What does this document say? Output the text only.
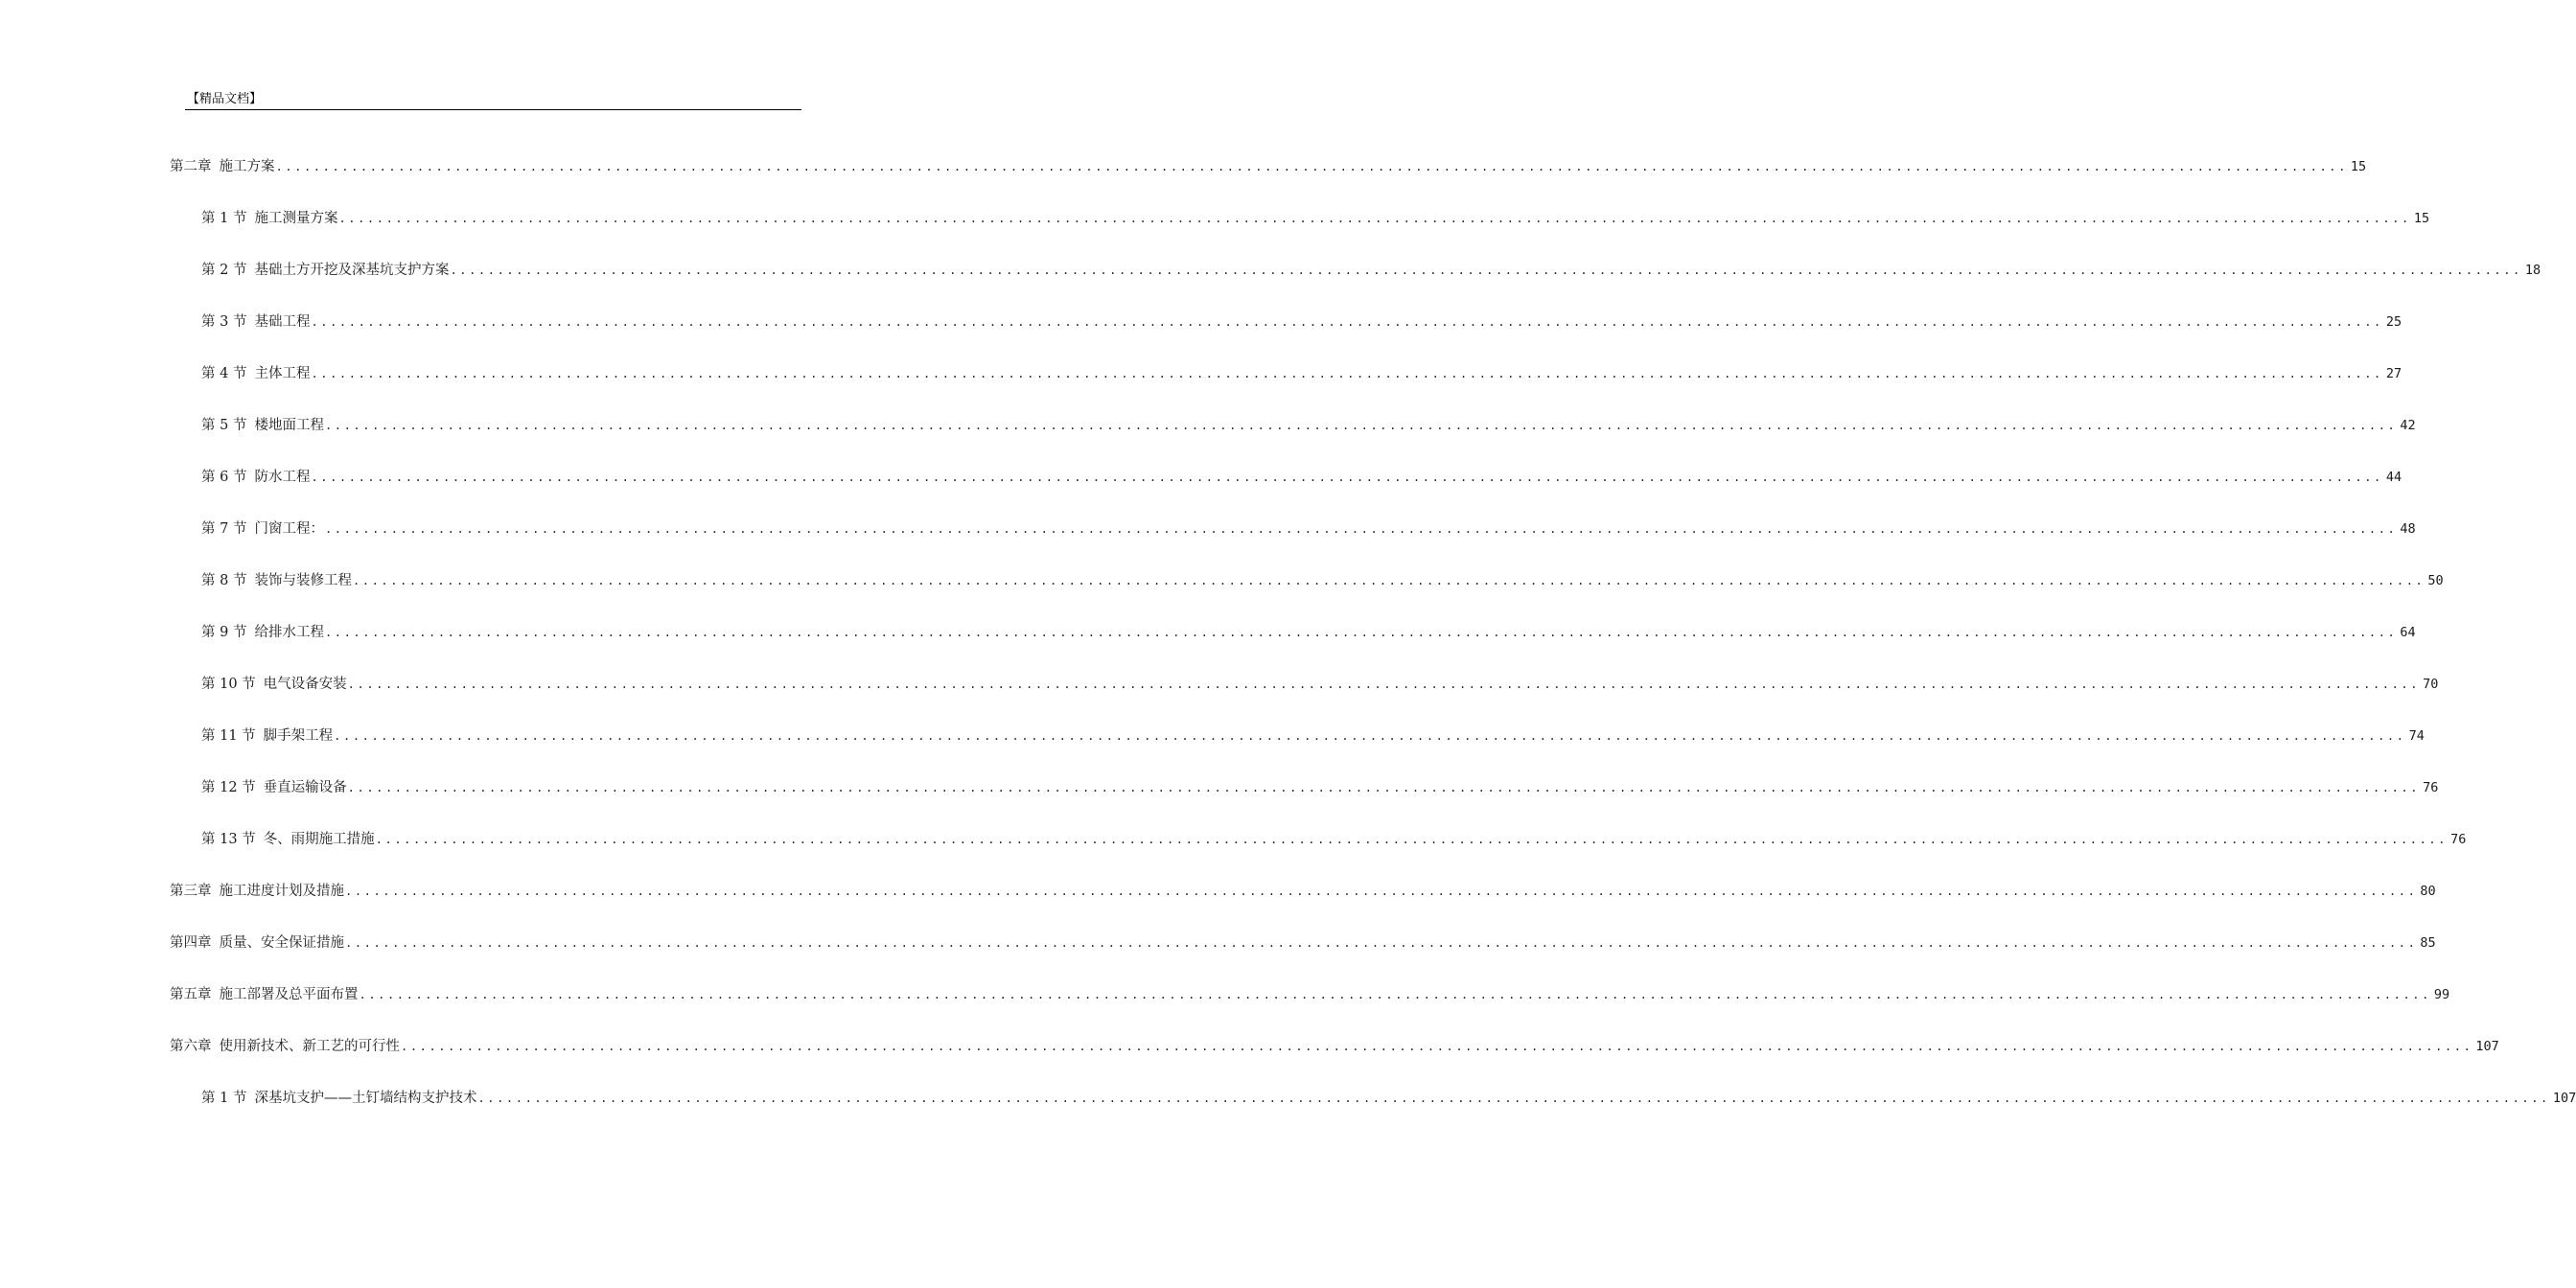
【精品文档】
第二章 施工方案 ............................................................................................................................................................................................................................ 15
第 1 节 施工测量方案 ............................................................................................................................................................................................................................ 15
第 2 节 基础土方开挖及深基坑支护方案 ............................................................................................................................................................................................................................ 18
第 3 节 基础工程 ............................................................................................................................................................................................................................ 25
第 4 节 主体工程 ............................................................................................................................................................................................................................ 27
第 5 节 楼地面工程 ............................................................................................................................................................................................................................ 42
第 6 节 防水工程 ............................................................................................................................................................................................................................ 44
第 7 节 门窗工程： ............................................................................................................................................................................................................................ 48
第 8 节 装饰与装修工程 ............................................................................................................................................................................................................................ 50
第 9 节 给排水工程 ............................................................................................................................................................................................................................ 64
第 10 节 电气设备安装 ............................................................................................................................................................................................................................ 70
第 11 节 脚手架工程 ............................................................................................................................................................................................................................ 74
第 12 节 垂直运输设备 ............................................................................................................................................................................................................................ 76
第 13 节 冬、雨期施工措施 ............................................................................................................................................................................................................................ 76
第三章 施工进度计划及措施 ............................................................................................................................................................................................................................ 80
第四章 质量、安全保证措施 ............................................................................................................................................................................................................................ 85
第五章 施工部署及总平面布置 ............................................................................................................................................................................................................................ 99
第六章 使用新技术、新工艺的可行性 ............................................................................................................................................................................................................................ 107
第 1 节 深基坑支护——土钉墙结构支护技术 ............................................................................................................................................................................................................................ 107
